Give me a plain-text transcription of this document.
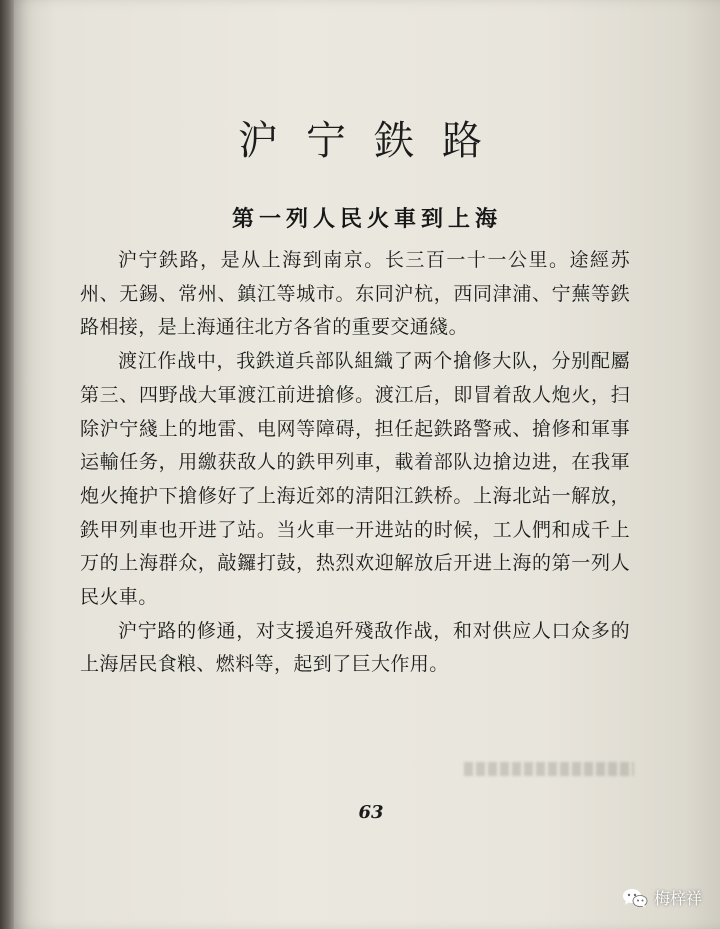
沪宁鉄路
第一列人民火車到上海

沪宁鉄路，是从上海到南京。长三百一十一公里。途經苏州、无錫、常州、鎮江等城市。东同沪杭，西同津浦、宁蕪等鉄路相接，是上海通往北方各省的重要交通綫。

渡江作战中，我鉄道兵部队組織了两个搶修大队，分别配屬第三、四野战大軍渡江前进搶修。渡江后，即冒着敌人炮火，扫除沪宁綫上的地雷、电网等障碍，担任起鉄路警戒、搶修和軍事运輸任务，用繳获敌人的鉄甲列車，載着部队边搶边进，在我軍炮火掩护下搶修好了上海近郊的淸阳江鉄桥。上海北站一解放，鉄甲列車也开进了站。当火車一开进站的时候，工人們和成千上万的上海群众，敲鑼打鼓，热烈欢迎解放后开进上海的第一列人民火車。

沪宁路的修通，对支援追歼殘敌作战，和对供应人口众多的上海居民食粮、燃料等，起到了巨大作用。

63
梅梓祥
